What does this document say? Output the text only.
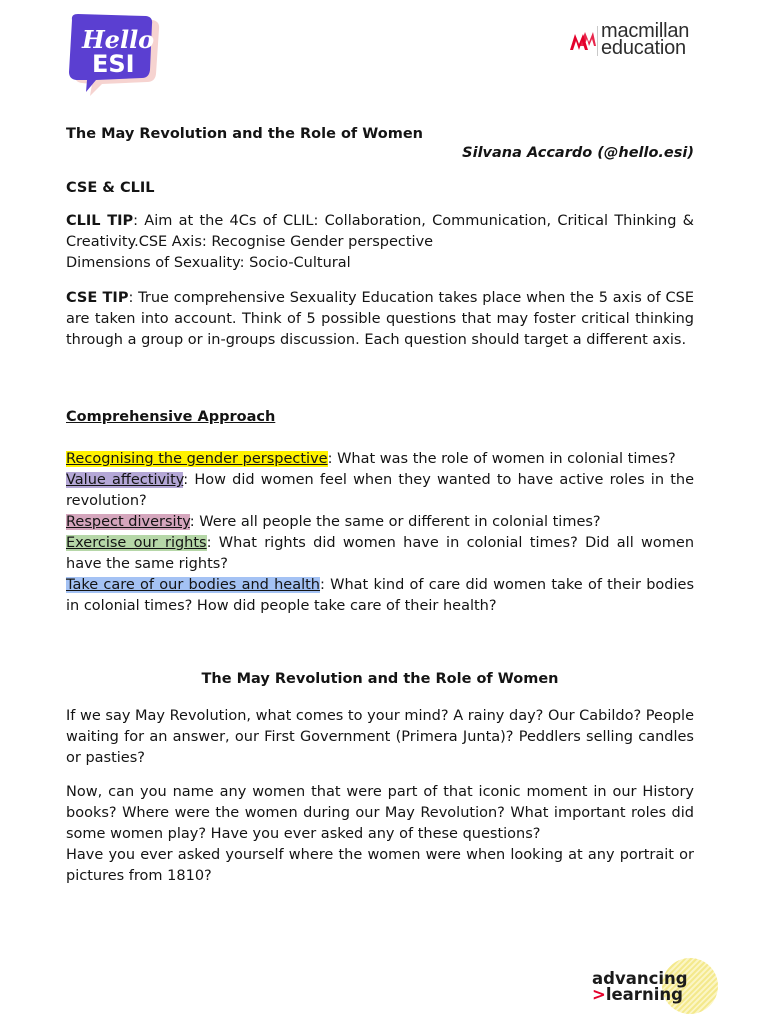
Hello
ESI
macmillan
education
The May Revolution and the Role of Women
Silvana Accardo (@hello.esi)
CSE & CLIL

CLIL TIP: Aim at the 4Cs of CLIL: Collaboration, Communication, Critical Thinking & Creativity.CSE Axis: Recognise Gender perspective

Dimensions of Sexuality: Socio-Cultural

CSE TIP: True comprehensive Sexuality Education takes place when the 5 axis of CSE are taken into account. Think of 5 possible questions that may foster critical thinking through a group or in-groups discussion. Each question should target a different axis.

Comprehensive Approach

Recognising the gender perspective: What was the role of women in colonial times?

Value affectivity: How did women feel when they wanted to have active roles in the revolution?

Respect diversity: Were all people the same or different in colonial times?

Exercise our rights: What rights did women have in colonial times? Did all women have the same rights?

Take care of our bodies and health: What kind of care did women take of their bodies in colonial times? How did people take care of their health?

The May Revolution and the Role of Women

If we say May Revolution, what comes to your mind? A rainy day? Our Cabildo? People waiting for an answer, our First Government (Primera Junta)? Peddlers selling candles or pasties?

Now, can you name any women that were part of that iconic moment in our History books? Where were the women during our May Revolution? What important roles did some women play? Have you ever asked any of these questions?

Have you ever asked yourself where the women were when looking at any portrait or pictures from 1810?

advancing
>learning
